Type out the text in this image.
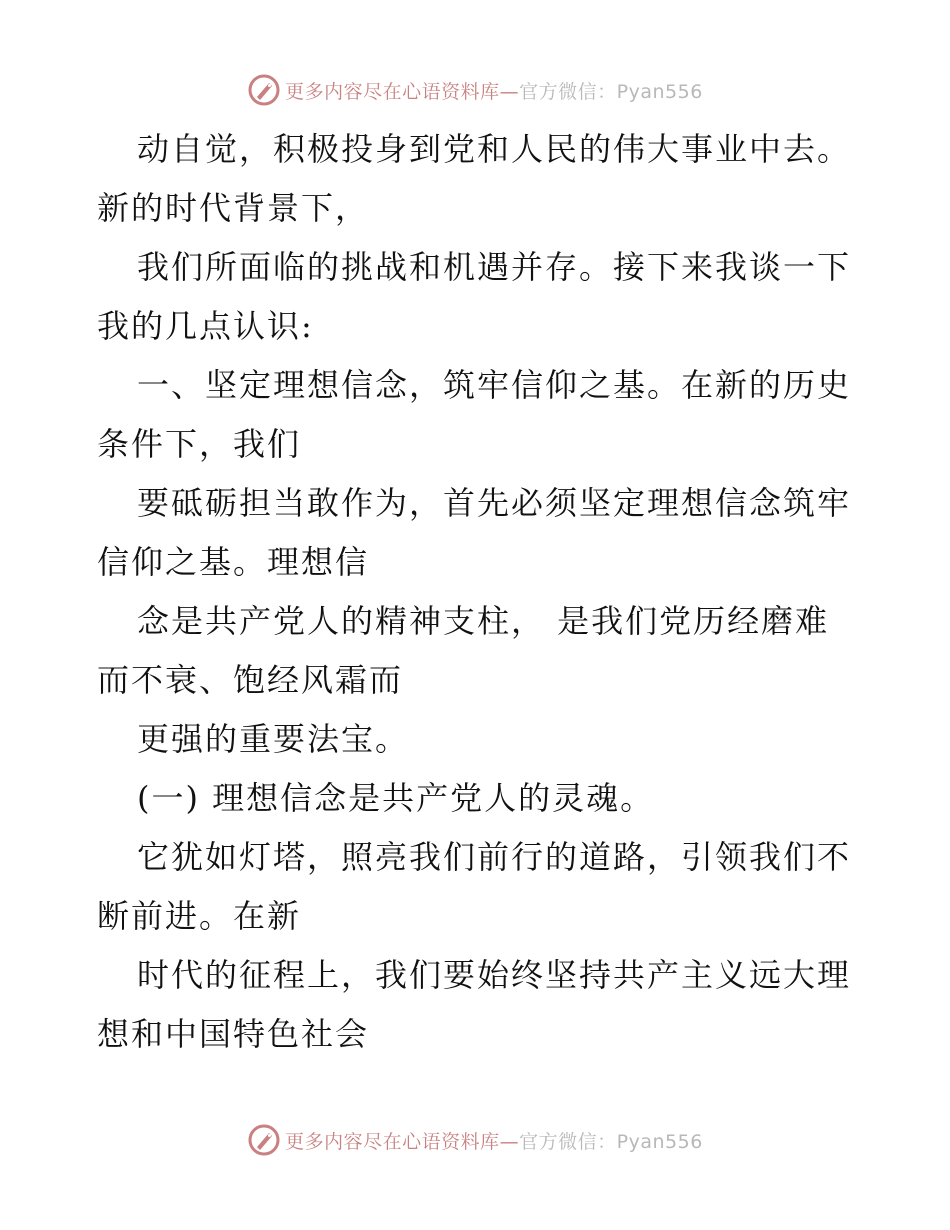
更多内容尽在心语资料库—官方微信：Pyan556
动自觉，积极投身到党和人民的伟大事业中去。
新的时代背景下，
我们所面临的挑战和机遇并存。接下来我谈一下
我的几点认识:
一、坚定理想信念，筑牢信仰之基。在新的历史
条件下，我们
要砥砺担当敢作为，首先必须坚定理想信念筑牢
信仰之基。理想信
念是共产党人的精神支柱， 是我们党历经磨难
而不衰、饱经风霜而
更强的重要法宝。
(一) 理想信念是共产党人的灵魂。
它犹如灯塔，照亮我们前行的道路，引领我们不
断前进。在新
时代的征程上，我们要始终坚持共产主义远大理
想和中国特色社会
更多内容尽在心语资料库—官方微信：Pyan556
